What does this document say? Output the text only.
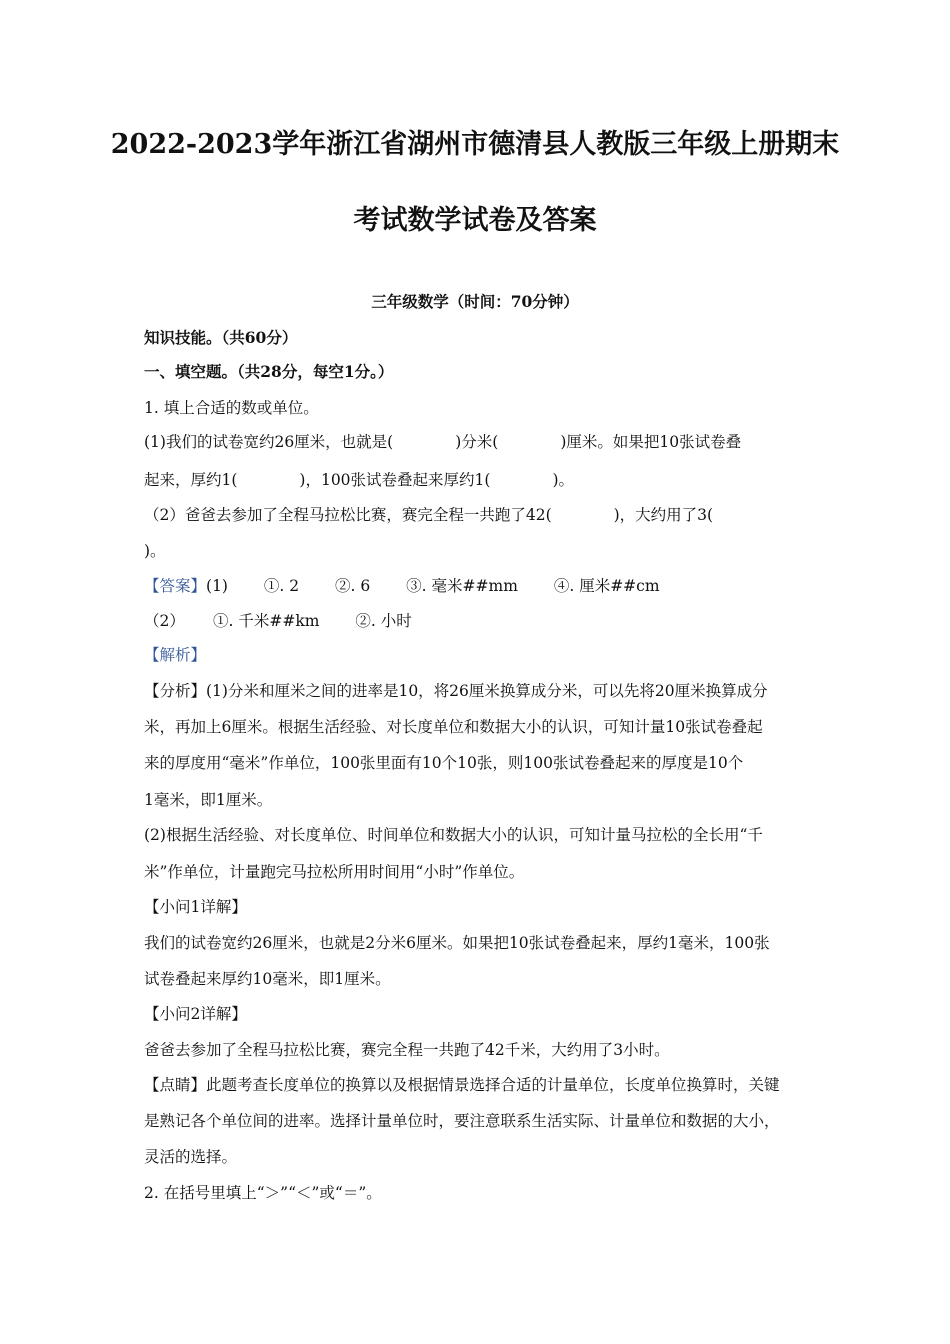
2022-2023学年浙江省湖州市德清县人教版三年级上册期末
考试数学试卷及答案
三年级数学（时间：70分钟）
知识技能。（共60分）
一、填空题。（共28分，每空1分。）
1. 填上合适的数或单位。
(1)我们的试卷宽约26厘米，也就是(　　　　)分米(　　　　)厘米。如果把10张试卷叠
起来，厚约1(　　　　)，100张试卷叠起来厚约1(　　　　)。
（2）爸爸去参加了全程马拉松比赛，赛完全程一共跑了42(　　　　)，大约用了3(
)。
【答案】(1)　　 ①. 2　　 ②. 6　　 ③. 毫米##mm　　 ④. 厘米##cm
（2）　　 ①. 千米##km　　 ②. 小时
【解析】
【分析】(1)分米和厘米之间的进率是10，将26厘米换算成分米，可以先将20厘米换算成分
米，再加上6厘米。根据生活经验、对长度单位和数据大小的认识，可知计量10张试卷叠起
来的厚度用“毫米”作单位，100张里面有10个10张，则100张试卷叠起来的厚度是10个
1毫米，即1厘米。
(2)根据生活经验、对长度单位、时间单位和数据大小的认识，可知计量马拉松的全长用“千
米”作单位，计量跑完马拉松所用时间用“小时”作单位。
【小问1详解】
我们的试卷宽约26厘米，也就是2分米6厘米。如果把10张试卷叠起来，厚约1毫米，100张
试卷叠起来厚约10毫米，即1厘米。
【小问2详解】
爸爸去参加了全程马拉松比赛，赛完全程一共跑了42千米，大约用了3小时。
【点睛】此题考查长度单位的换算以及根据情景选择合适的计量单位，长度单位换算时，关键
是熟记各个单位间的进率。选择计量单位时，要注意联系生活实际、计量单位和数据的大小，
灵活的选择。
2. 在括号里填上“＞”“＜”或“＝”。
